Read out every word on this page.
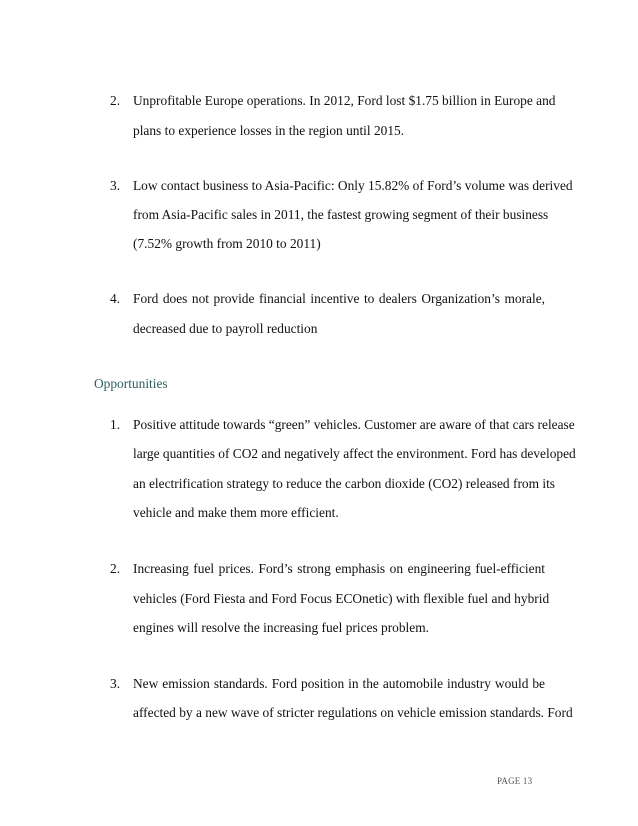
2. Unprofitable Europe operations. In 2012, Ford lost $1.75 billion in Europe and
plans to experience losses in the region until 2015.
3. Low contact business to Asia-Pacific: Only 15.82% of Ford’s volume was derived
from Asia-Pacific sales in 2011, the fastest growing segment of their business
(7.52% growth from 2010 to 2011)
4. Ford does not provide financial incentive to dealers Organization’s morale,
decreased due to payroll reduction
Opportunities
1. Positive attitude towards “green” vehicles. Customer are aware of that cars release
large quantities of CO2 and negatively affect the environment. Ford has developed
an electrification strategy to reduce the carbon dioxide (CO2) released from its
vehicle and make them more efficient.
2. Increasing fuel prices. Ford’s strong emphasis on engineering fuel-efficient
vehicles (Ford Fiesta and Ford Focus ECOnetic) with flexible fuel and hybrid
engines will resolve the increasing fuel prices problem.
3. New emission standards. Ford position in the automobile industry would be
affected by a new wave of stricter regulations on vehicle emission standards. Ford
PAGE 13
